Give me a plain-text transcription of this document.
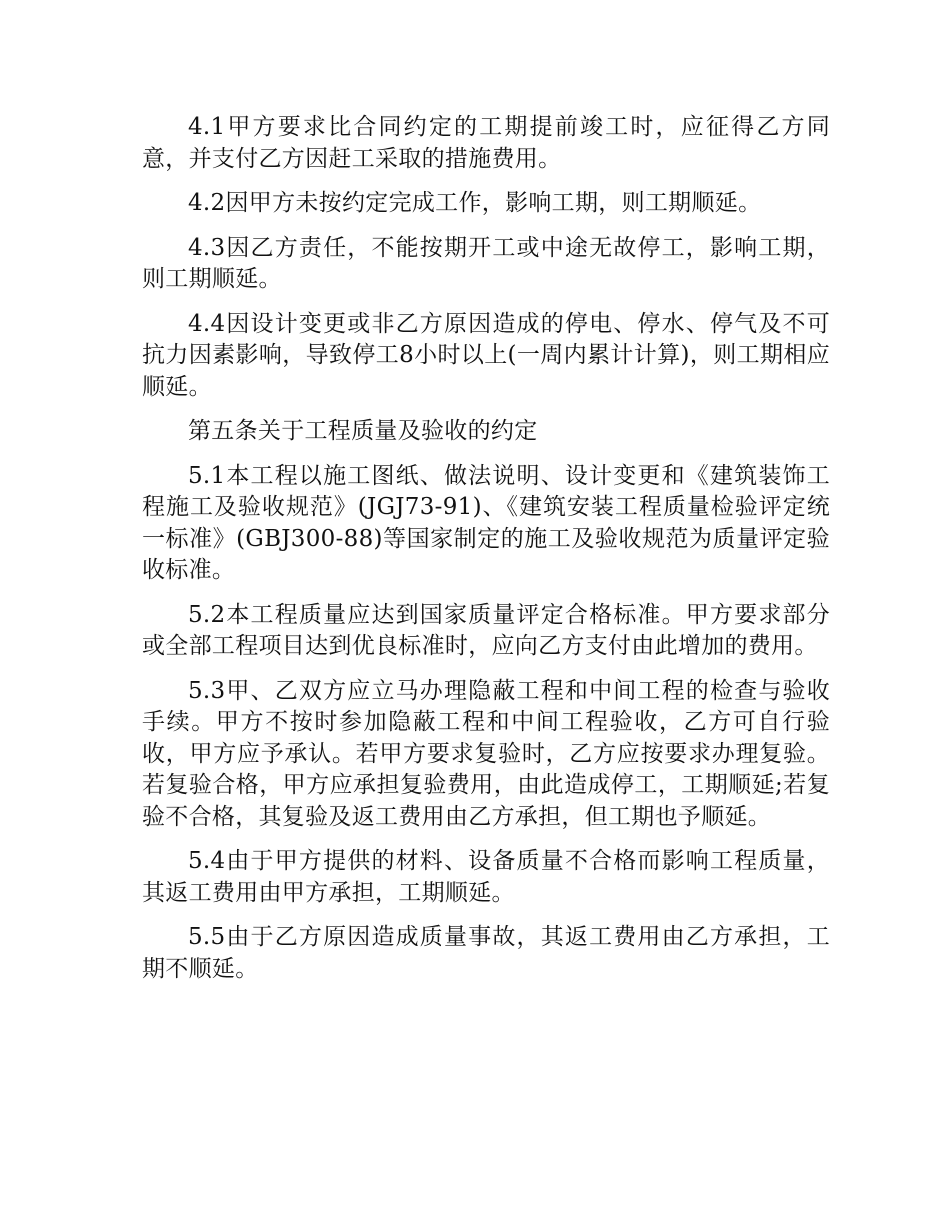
4.1甲方要求比合同约定的工期提前竣工时，应征得乙方同意，并支付乙方因赶工采取的措施费用。

4.2因甲方未按约定完成工作，影响工期，则工期顺延。

4.3因乙方责任，不能按期开工或中途无故停工，影响工期，则工期顺延。

4.4因设计变更或非乙方原因造成的停电、停水、停气及不可抗力因素影响，导致停工8小时以上(一周内累计计算)，则工期相应顺延。

第五条关于工程质量及验收的约定

5.1本工程以施工图纸、做法说明、设计变更和《建筑装饰工程施工及验收规范》(JGJ73-91)、《建筑安装工程质量检验评定统一标准》(GBJ300-88)等国家制定的施工及验收规范为质量评定验收标准。

5.2本工程质量应达到国家质量评定合格标准。甲方要求部分或全部工程项目达到优良标准时，应向乙方支付由此增加的费用。

5.3甲、乙双方应立马办理隐蔽工程和中间工程的检查与验收手续。甲方不按时参加隐蔽工程和中间工程验收，乙方可自行验收，甲方应予承认。若甲方要求复验时，乙方应按要求办理复验。若复验合格，甲方应承担复验费用，由此造成停工，工期顺延;若复验不合格，其复验及返工费用由乙方承担，但工期也予顺延。

5.4由于甲方提供的材料、设备质量不合格而影响工程质量，其返工费用由甲方承担，工期顺延。

5.5由于乙方原因造成质量事故，其返工费用由乙方承担，工期不顺延。
